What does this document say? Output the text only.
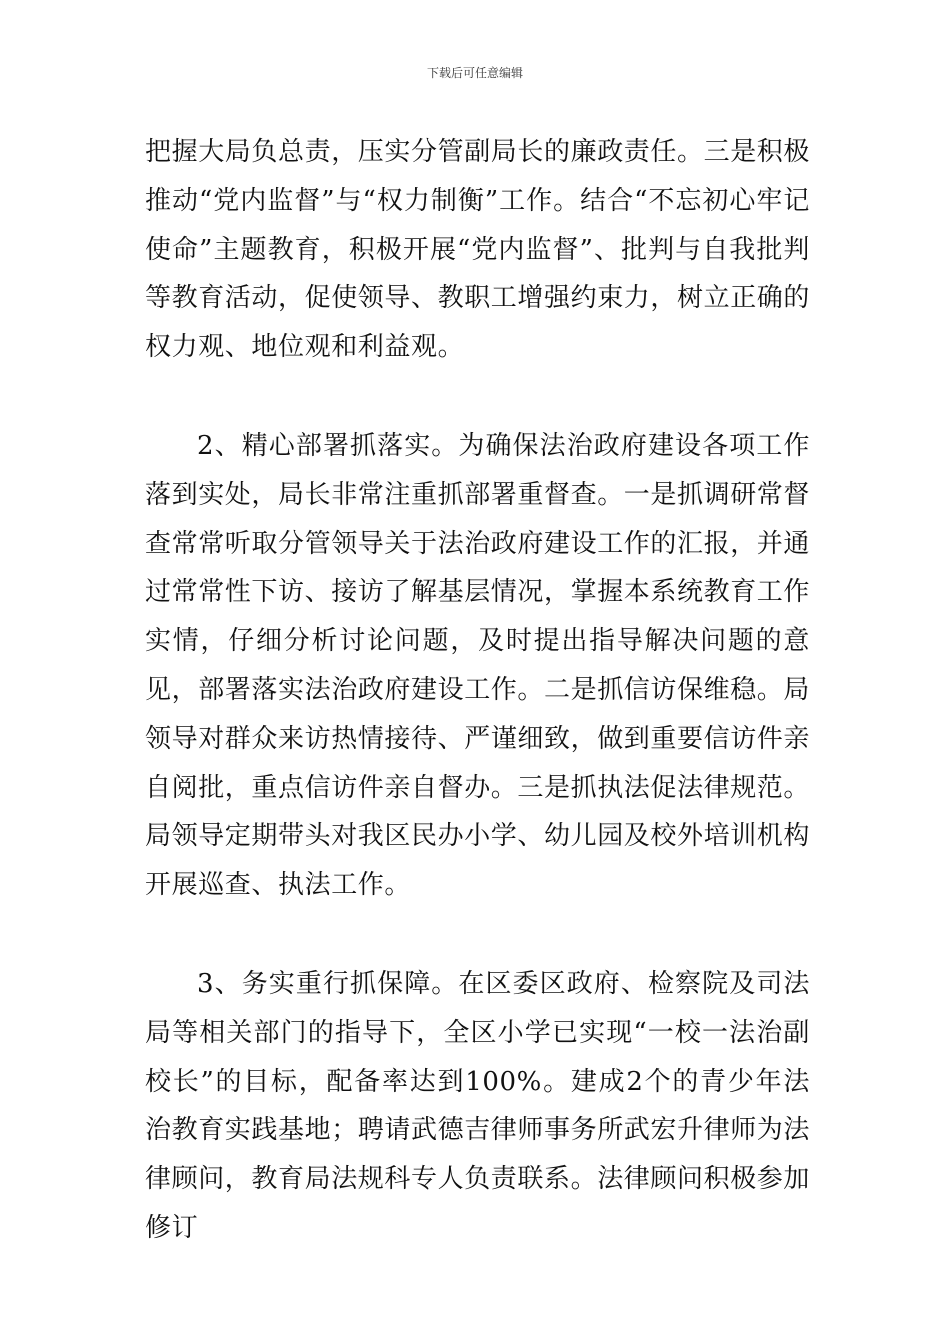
下载后可任意编辑

把握大局负总责，压实分管副局长的廉政责任。三是积极推动“党内监督”与“权力制衡”工作。结合“不忘初心牢记使命”主题教育，积极开展“党内监督”、批判与自我批判等教育活动，促使领导、教职工增强约束力，树立正确的权力观、地位观和利益观。

2、精心部署抓落实。为确保法治政府建设各项工作落到实处，局长非常注重抓部署重督查。一是抓调研常督查常常听取分管领导关于法治政府建设工作的汇报，并通过常常性下访、接访了解基层情况，掌握本系统教育工作实情，仔细分析讨论问题，及时提出指导解决问题的意见，部署落实法治政府建设工作。二是抓信访保维稳。局领导对群众来访热情接待、严谨细致，做到重要信访件亲自阅批，重点信访件亲自督办。三是抓执法促法律规范。局领导定期带头对我区民办小学、幼儿园及校外培训机构开展巡查、执法工作。

3、务实重行抓保障。在区委区政府、检察院及司法局等相关部门的指导下，全区小学已实现“一校一法治副校长”的目标，配备率达到100%。建成2个的青少年法治教育实践基地；聘请武德吉律师事务所武宏升律师为法律顾问，教育局法规科专人负责联系。法律顾问积极参加修订
